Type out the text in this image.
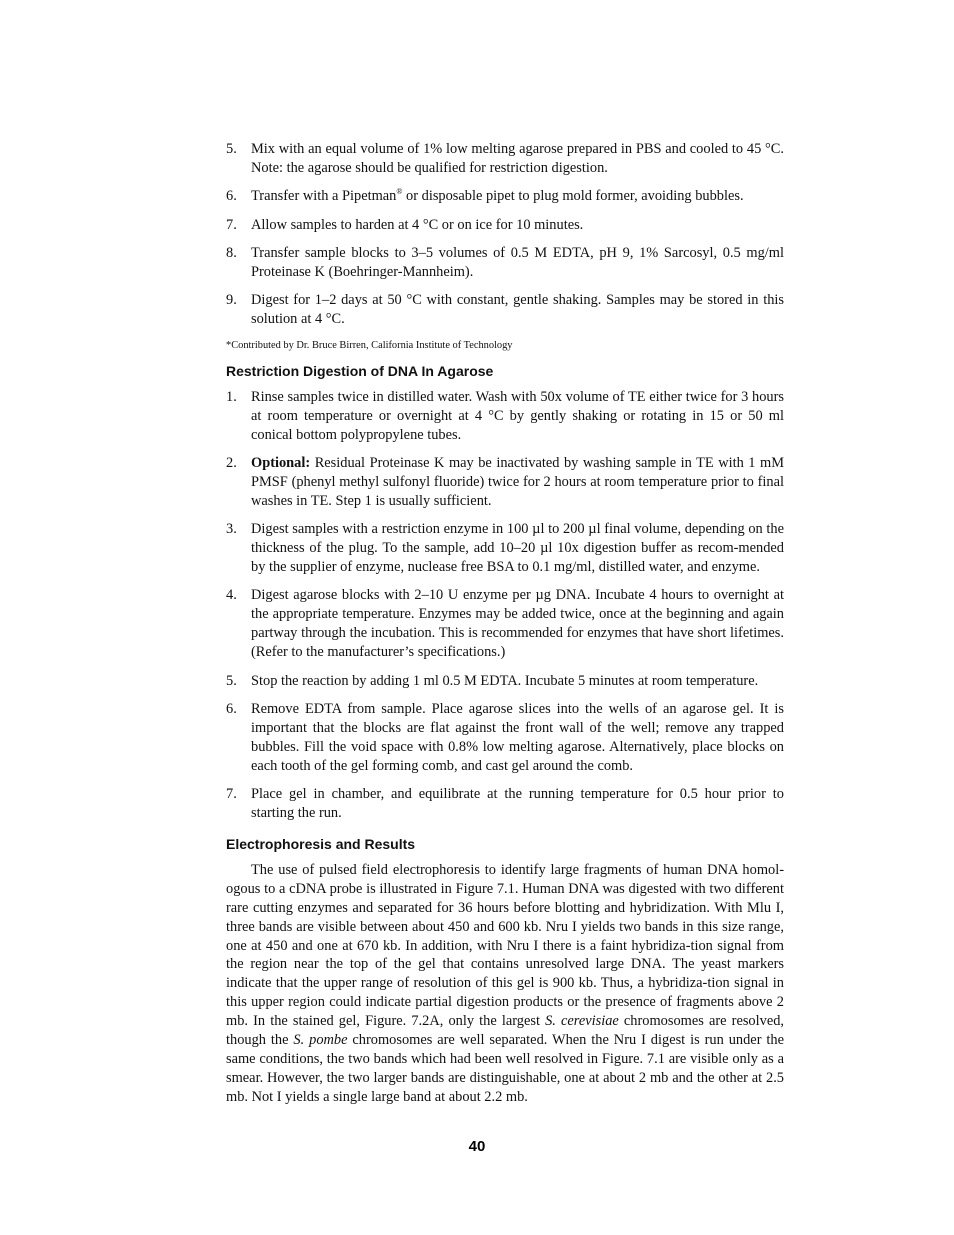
5. Mix with an equal volume of 1% low melting agarose prepared in PBS and cooled to 45 °C. Note: the agarose should be qualified for restriction digestion.
6. Transfer with a Pipetman® or disposable pipet to plug mold former, avoiding bubbles.
7. Allow samples to harden at 4 °C or on ice for 10 minutes.
8. Transfer sample blocks to 3–5 volumes of 0.5 M EDTA, pH 9, 1% Sarcosyl, 0.5 mg/ml Proteinase K (Boehringer-Mannheim).
9. Digest for 1–2 days at 50 °C with constant, gentle shaking. Samples may be stored in this solution at 4 °C.
*Contributed by Dr. Bruce Birren, California Institute of Technology
Restriction Digestion of DNA In Agarose
1. Rinse samples twice in distilled water. Wash with 50x volume of TE either twice for 3 hours at room temperature or overnight at 4 °C by gently shaking or rotating in 15 or 50 ml conical bottom polypropylene tubes.
2. Optional: Residual Proteinase K may be inactivated by washing sample in TE with 1 mM PMSF (phenyl methyl sulfonyl fluoride) twice for 2 hours at room temperature prior to final washes in TE. Step 1 is usually sufficient.
3. Digest samples with a restriction enzyme in 100 µl to 200 µl final volume, depending on the thickness of the plug. To the sample, add 10–20 µl 10x digestion buffer as recom-mended by the supplier of enzyme, nuclease free BSA to 0.1 mg/ml, distilled water, and enzyme.
4. Digest agarose blocks with 2–10 U enzyme per µg DNA. Incubate 4 hours to overnight at the appropriate temperature. Enzymes may be added twice, once at the beginning and again partway through the incubation. This is recommended for enzymes that have short lifetimes. (Refer to the manufacturer’s specifications.)
5. Stop the reaction by adding 1 ml 0.5 M EDTA. Incubate 5 minutes at room temperature.
6. Remove EDTA from sample. Place agarose slices into the wells of an agarose gel. It is important that the blocks are flat against the front wall of the well; remove any trapped bubbles. Fill the void space with 0.8% low melting agarose. Alternatively, place blocks on each tooth of the gel forming comb, and cast gel around the comb.
7. Place gel in chamber, and equilibrate at the running temperature for 0.5 hour prior to starting the run.
Electrophoresis and Results

The use of pulsed field electrophoresis to identify large fragments of human DNA homol-ogous to a cDNA probe is illustrated in Figure 7.1. Human DNA was digested with two different rare cutting enzymes and separated for 36 hours before blotting and hybridization. With Mlu I, three bands are visible between about 450 and 600 kb. Nru I yields two bands in this size range, one at 450 and one at 670 kb. In addition, with Nru I there is a faint hybridiza-tion signal from the region near the top of the gel that contains unresolved large DNA. The yeast markers indicate that the upper range of resolution of this gel is 900 kb. Thus, a hybridiza-tion signal in this upper region could indicate partial digestion products or the presence of fragments above 2 mb. In the stained gel, Figure. 7.2A, only the largest S. cerevisiae chromosomes are resolved, though the S. pombe chromosomes are well separated. When the Nru I digest is run under the same conditions, the two bands which had been well resolved in Figure. 7.1 are visible only as a smear. However, the two larger bands are distinguishable, one at about 2 mb and the other at 2.5 mb. Not I yields a single large band at about 2.2 mb.

40
